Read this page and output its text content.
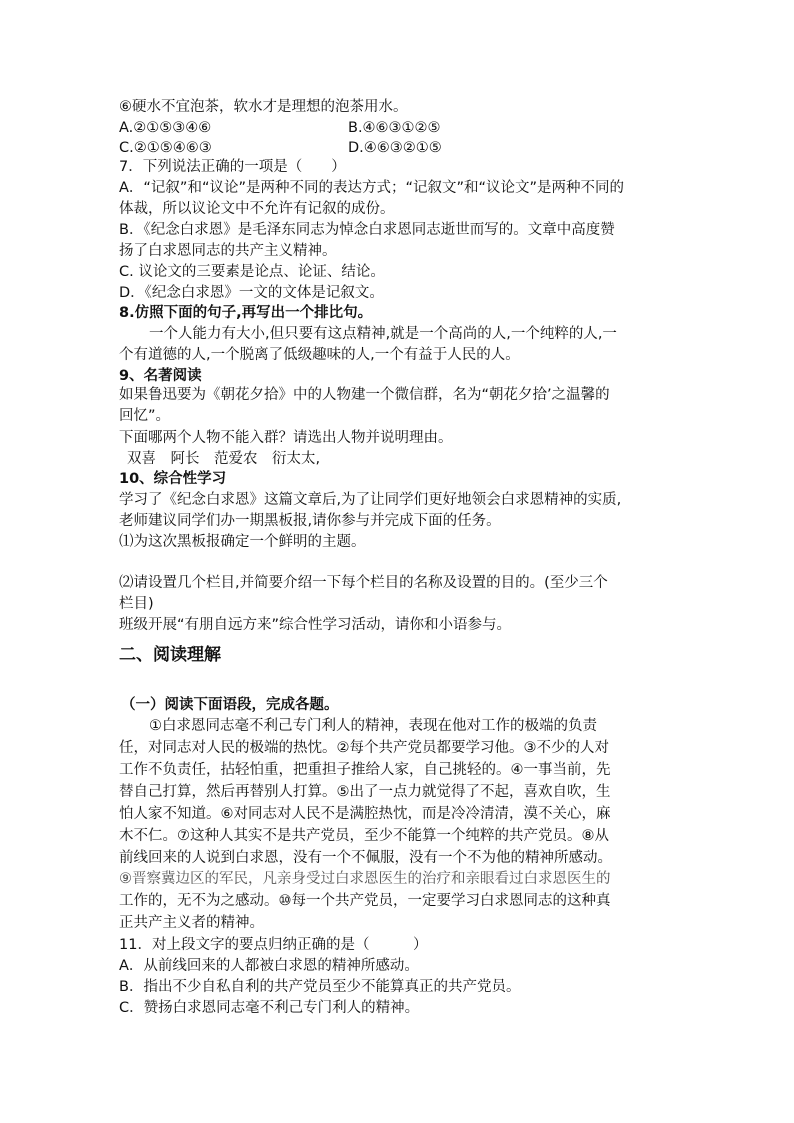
⑥硬水不宜泡茶，软水才是理想的泡茶用水。
A.②①⑤③④⑥	B.④⑥③①②⑤
C.②①⑤④⑥③	D.④⑥③②①⑤
7．下列说法正确的一项是（　　）
A．“记叙”和“议论”是两种不同的表达方式；“记叙文”和“议论文”是两种不同的
体裁，所以议论文中不允许有记叙的成份。
B．《纪念白求恩》是毛泽东同志为悼念白求恩同志逝世而写的。文章中高度赞
扬了白求恩同志的共产主义精神。
C. 议论文的三要素是论点、论证、结论。
D．《纪念白求恩》一文的文体是记叙文。
8.仿照下面的句子,再写出一个排比句。
一个人能力有大小,但只要有这点精神,就是一个高尚的人,一个纯粹的人,一
个有道德的人,一个脱离了低级趣味的人,一个有益于人民的人。
9、名著阅读
如果鲁迅要为《朝花夕拾》中的人物建一个微信群，名为“朝花夕拾’之温馨的
回忆”。
下面哪两个人物不能入群？请选出人物并说明理由。
双喜　阿长　范爱农　衍太太,
10、综合性学习
学习了《纪念白求恩》这篇文章后,为了让同学们更好地领会白求恩精神的实质,
老师建议同学们办一期黑板报,请你参与并完成下面的任务。
⑴为这次黑板报确定一个鲜明的主题。
⑵请设置几个栏目,并简要介绍一下每个栏目的名称及设置的目的。(至少三个
栏目)
班级开展“有朋自远方来”综合性学习活动，请你和小语参与。
二、阅读理解
（一）阅读下面语段，完成各题。
①白求恩同志毫不利己专门利人的精神，表现在他对工作的极端的负责
任，对同志对人民的极端的热忱。②每个共产党员都要学习他。③不少的人对
工作不负责任，拈轻怕重，把重担子推给人家，自己挑轻的。④一事当前，先
替自己打算，然后再替别人打算。⑤出了一点力就觉得了不起，喜欢自吹，生
怕人家不知道。⑥对同志对人民不是满腔热忱，而是冷冷清清，漠不关心，麻
木不仁。⑦这种人其实不是共产党员，至少不能算一个纯粹的共产党员。⑧从
前线回来的人说到白求恩，没有一个不佩服，没有一个不为他的精神所感动。
⑨晋察冀边区的军民，凡亲身受过白求恩医生的治疗和亲眼看过白求恩医生的
工作的，无不为之感动。⑩每一个共产党员，一定要学习白求恩同志的这种真
正共产主义者的精神。
11．对上段文字的要点归纳正确的是（　　　）
A．从前线回来的人都被白求恩的精神所感动。
B．指出不少自私自利的共产党员至少不能算真正的共产党员。
C．赞扬白求恩同志毫不利己专门利人的精神。
